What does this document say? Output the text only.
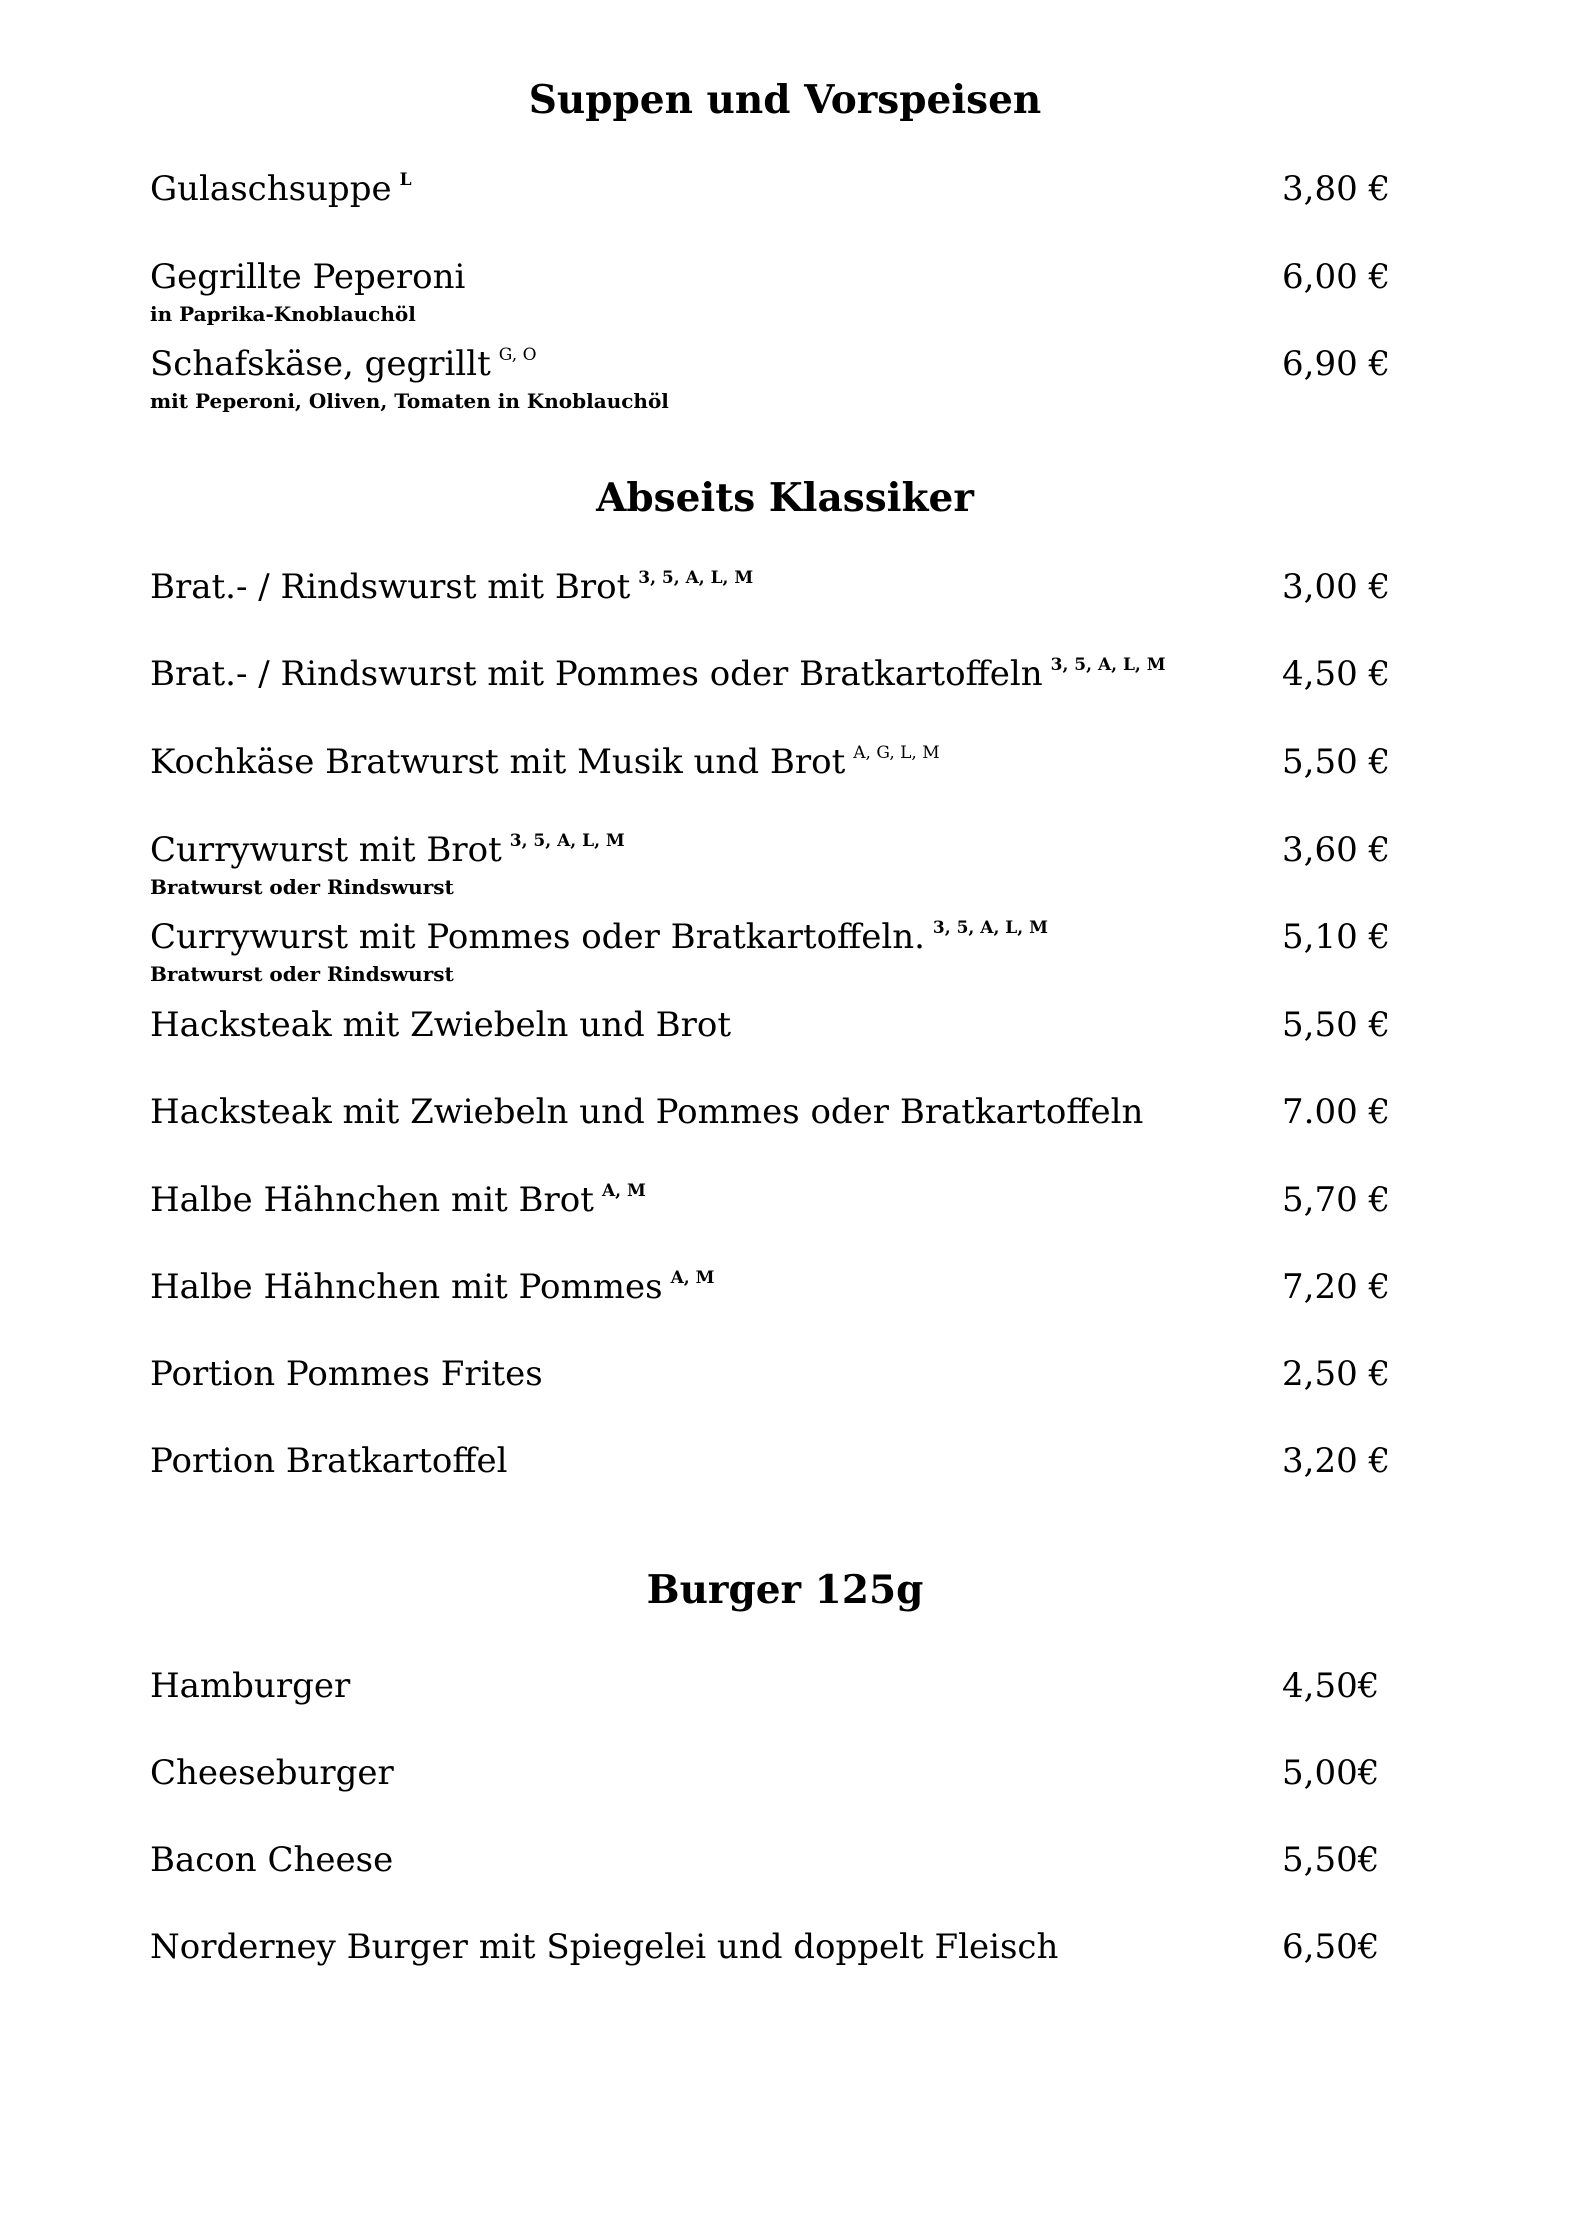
Suppen und Vorspeisen
Gulaschsuppe $^L$	3,80 €
Gegrillte Peperoni
in Paprika-Knoblauchöl
6,00 €
Schafskäse, gegrillt $^{G, O}$
mit Peperoni, Oliven, Tomaten in Knoblauchöl
6,90 €
Abseits Klassiker
Brat.- / Rindswurst mit Brot $^{3, 5, A, L, M}$	3,00 €
Brat.- / Rindswurst mit Pommes oder Bratkartoffeln $^{3, 5, A, L, M}$	4,50 €
Kochkäse Bratwurst mit Musik und Brot $^{A, G, L, M}$	5,50 €
Currywurst mit Brot $^{3, 5, A, L, M}$
Bratwurst oder Rindswurst
3,60 €
Currywurst mit Pommes oder Bratkartoffeln. $^{3, 5, A, L, M}$
Bratwurst oder Rindswurst
5,10 €
Hacksteak mit Zwiebeln und Brot	5,50 €
Hacksteak mit Zwiebeln und Pommes oder Bratkartoffeln	7.00 €
Halbe Hähnchen mit Brot $^{A, M}$	5,70 €
Halbe Hähnchen mit Pommes $^{A, M}$	7,20 €
Portion Pommes Frites	2,50 €
Portion Bratkartoffel	3,20 €
Burger 125g
Hamburger	4,50€
Cheeseburger	5,00€
Bacon Cheese	5,50€
Norderney Burger mit Spiegelei und doppelt Fleisch	6,50€
